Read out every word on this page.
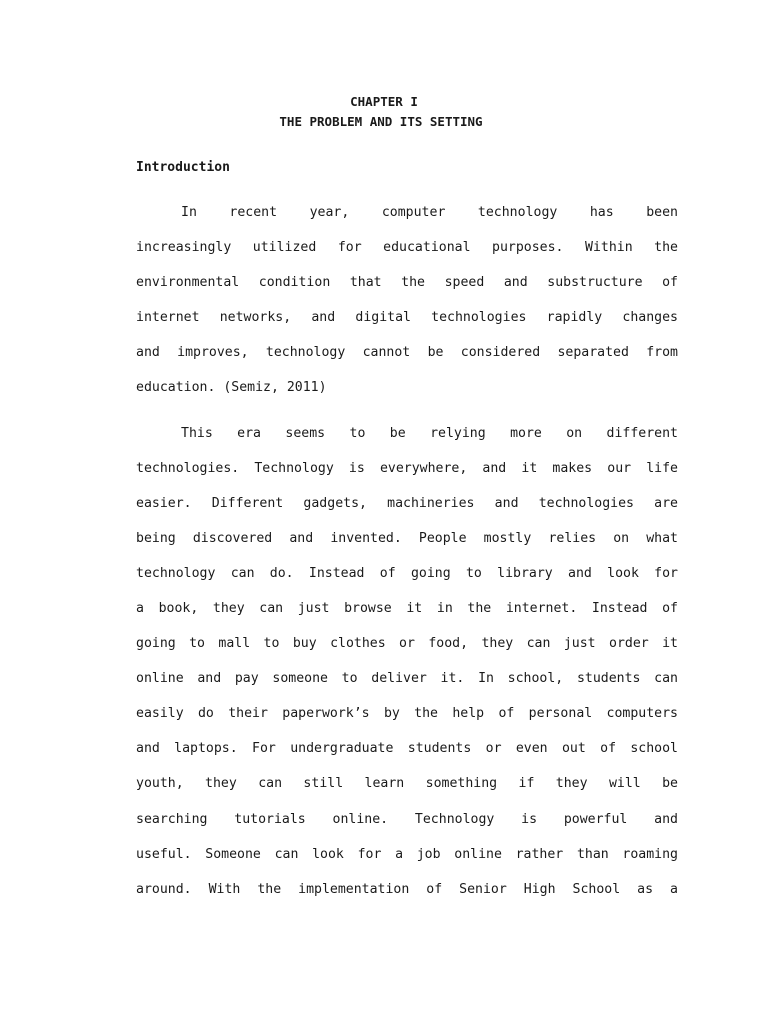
CHAPTER I
THE PROBLEM AND ITS SETTING
Introduction

In recent year, computer technology has been

increasingly utilized for educational purposes. Within the

environmental condition that the speed and substructure of

internet networks, and digital technologies rapidly changes

and improves, technology cannot be considered separated from

education. (Semiz, 2011)

This era seems to be relying more on different

technologies. Technology is everywhere, and it makes our life

easier. Different gadgets, machineries and technologies are

being discovered and invented. People mostly relies on what

technology can do. Instead of going to library and look for

a book, they can just browse it in the internet. Instead of

going to mall to buy clothes or food, they can just order it

online and pay someone to deliver it. In school, students can

easily do their paperwork’s by the help of personal computers

and laptops. For undergraduate students or even out of school

youth, they can still learn something if they will be

searching tutorials online. Technology is powerful and

useful. Someone can look for a job online rather than roaming

around. With the implementation of Senior High School as a
